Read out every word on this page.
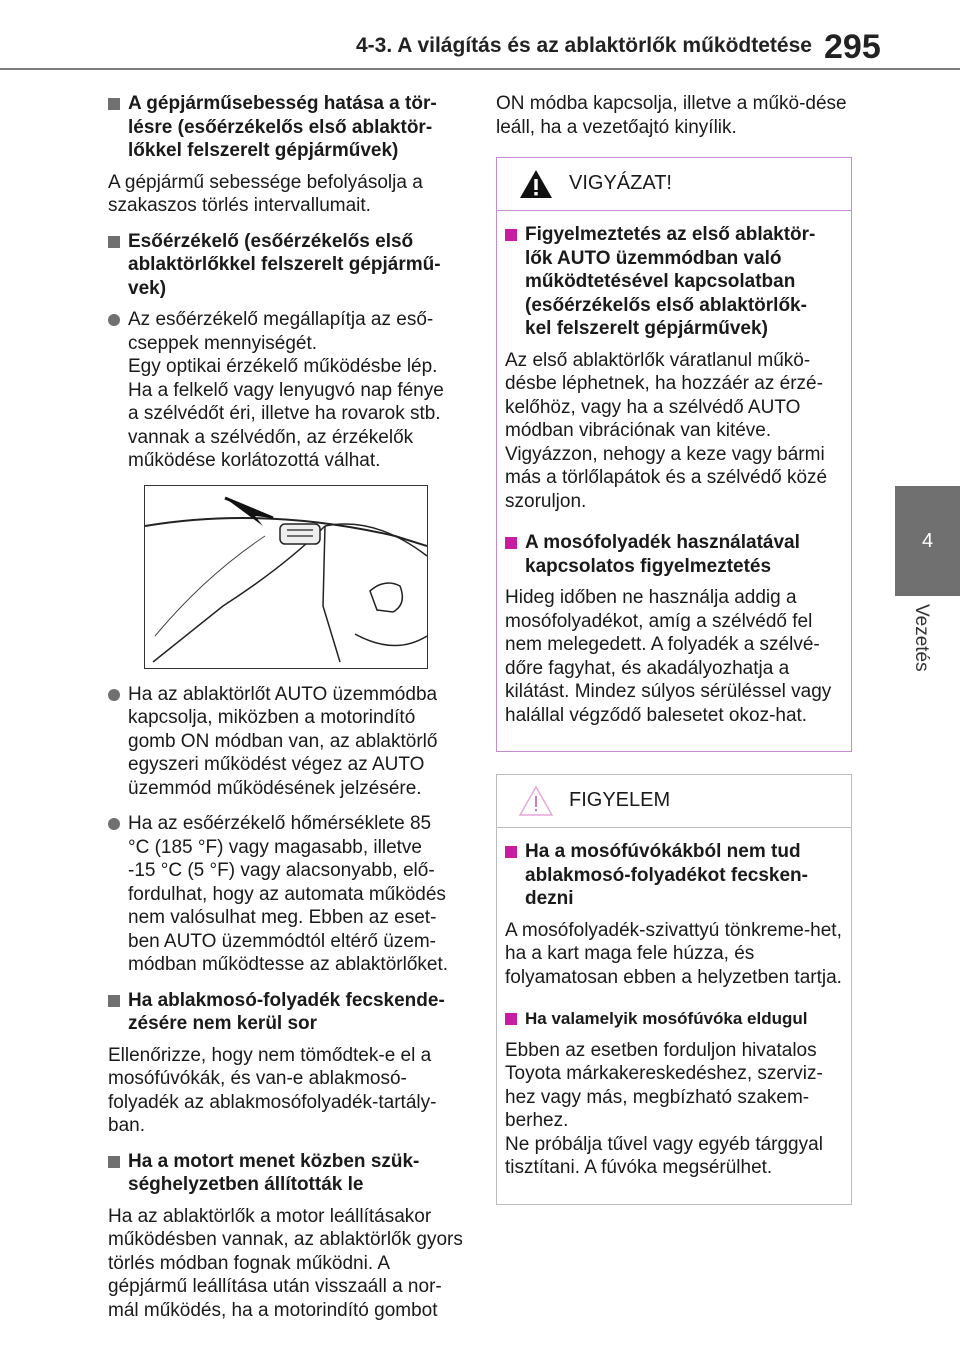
4-3. A világítás és az ablaktörlők működtetése 295
4
Vezetés
A gépjárműsebesség hatása a tör-
lésre (esőérzékelős első ablaktör-
lőkkel felszerelt gépjárművek)
A gépjármű sebessége befolyásolja a szakaszos törlés intervallumait.
Esőérzékelő (esőérzékelős első
ablaktörlőkkel felszerelt gépjármű-
vek)
Az esőérzékelő megállapítja az eső-
cseppek mennyiségét.
Egy optikai érzékelő működésbe lép.
Ha a felkelő vagy lenyugvó nap fénye
a szélvédőt éri, illetve ha rovarok stb.
vannak a szélvédőn, az érzékelők
működése korlátozottá válhat.
Ha az ablaktörlőt AUTO üzemmódba
kapcsolja, miközben a motorindító
gomb ON módban van, az ablaktörlő
egyszeri működést végez az AUTO
üzemmód működésének jelzésére.
Ha az esőérzékelő hőmérséklete 85
°C (185 °F) vagy magasabb, illetve
-15 °C (5 °F) vagy alacsonyabb, elő-
fordulhat, hogy az automata működés
nem valósulhat meg. Ebben az eset-
ben AUTO üzemmódtól eltérő üzem-
módban működtesse az ablaktörlőket.
Ha ablakmosó-folyadék fecskende-
zésére nem kerül sor
Ellenőrizze, hogy nem tömődtek-e el a mosófúvókák, és van-e ablakmosó-folyadék az ablakmosófolyadék-tartály-ban.
Ha a motort menet közben szük-
séghelyzetben állították le
Ha az ablaktörlők a motor leállításakor működésben vannak, az ablaktörlők gyors törlés módban fognak működni. A gépjármű leállítása után visszaáll a nor-mál működés, ha a motorindító gombot
ON módba kapcsolja, illetve a műkö-dése leáll, ha a vezetőajtó kinyílik.
VIGYÁZAT!
Figyelmeztetés az első ablaktör-
lők AUTO üzemmódban való
működtetésével kapcsolatban
(esőérzékelős első ablaktörlők-
kel felszerelt gépjárművek)
Az első ablaktörlők váratlanul műkö-désbe léphetnek, ha hozzáér az érzé-kelőhöz, vagy ha a szélvédő AUTO módban vibrációnak van kitéve. Vigyázzon, nehogy a keze vagy bármi más a törlőlapátok és a szélvédő közé szoruljon.
A mosófolyadék használatával
kapcsolatos figyelmeztetés
Hideg időben ne használja addig a mosófolyadékot, amíg a szélvédő fel nem melegedett. A folyadék a szélvé-dőre fagyhat, és akadályozhatja a kilátást. Mindez súlyos sérüléssel vagy halállal végződő balesetet okoz-hat.
FIGYELEM
Ha a mosófúvókákból nem tud
ablakmosó-folyadékot fecsken-
dezni
A mosófolyadék-szivattyú tönkreme-het, ha a kart maga fele húzza, és folyamatosan ebben a helyzetben tartja.
Ha valamelyik mosófúvóka eldugul
Ebben az esetben forduljon hivatalos Toyota márkakereskedéshez, szerviz-hez vagy más, megbízható szakem-berhez.
Ne próbálja tűvel vagy egyéb tárggyal tisztítani. A fúvóka megsérülhet.
